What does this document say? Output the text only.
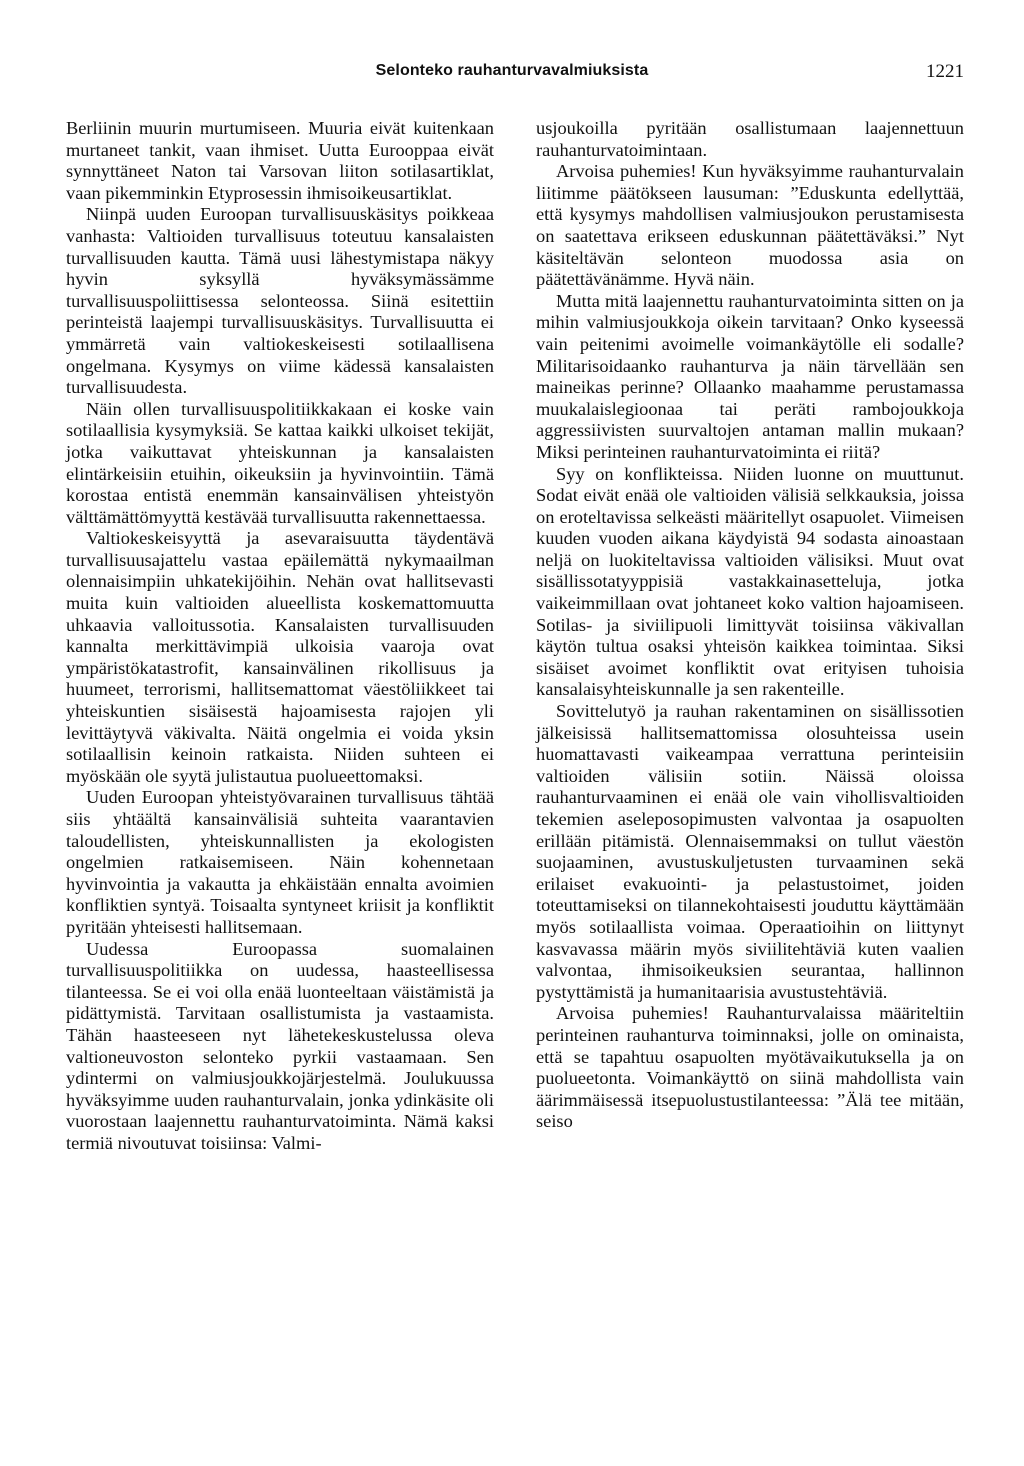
Selonteko rauhanturvavalmiuksista	1221

Berliinin muurin murtumiseen. Muuria eivät kuitenkaan murtaneet tankit, vaan ihmiset. Uutta Eurooppaa eivät synnyttäneet Naton tai Varsovan liiton sotilasartiklat, vaan pikemminkin Etyprosessin ihmisoikeusartiklat.

Niinpä uuden Euroopan turvallisuuskäsitys poikkeaa vanhasta: Valtioiden turvallisuus toteutuu kansalaisten turvallisuuden kautta. Tämä uusi lähestymistapa näkyy hyvin syksyllä hyväksymässämme turvallisuuspoliittisessa selonteossa. Siinä esitettiin perinteistä laajempi turvallisuuskäsitys. Turvallisuutta ei ymmärretä vain valtiokeskeisesti sotilaallisena ongelmana. Kysymys on viime kädessä kansalaisten turvallisuudesta.

Näin ollen turvallisuuspolitiikkakaan ei koske vain sotilaallisia kysymyksiä. Se kattaa kaikki ulkoiset tekijät, jotka vaikuttavat yhteiskunnan ja kansalaisten elintärkeisiin etuihin, oikeuksiin ja hyvinvointiin. Tämä korostaa entistä enemmän kansainvälisen yhteistyön välttämättömyyttä kestävää turvallisuutta rakennettaessa.

Valtiokeskeisyyttä ja asevaraisuutta täydentävä turvallisuusajattelu vastaa epäilemättä nykymaailman olennaisimpiin uhkatekijöihin. Nehän ovat hallitsevasti muita kuin valtioiden alueellista koskemattomuutta uhkaavia valloitussotia. Kansalaisten turvallisuuden kannalta merkittävimpiä ulkoisia vaaroja ovat ympäristökatastrofit, kansainvälinen rikollisuus ja huumeet, terrorismi, hallitsemattomat väestöliikkeet tai yhteiskuntien sisäisestä hajoamisesta rajojen yli levittäytyvä väkivalta. Näitä ongelmia ei voida yksin sotilaallisin keinoin ratkaista. Niiden suhteen ei myöskään ole syytä julistautua puolueettomaksi.

Uuden Euroopan yhteistyövarainen turvallisuus tähtää siis yhtäältä kansainvälisiä suhteita vaarantavien taloudellisten, yhteiskunnallisten ja ekologisten ongelmien ratkaisemiseen. Näin kohennetaan hyvinvointia ja vakautta ja ehkäistään ennalta avoimien konfliktien syntyä. Toisaalta syntyneet kriisit ja konfliktit pyritään yhteisesti hallitsemaan.

Uudessa Euroopassa suomalainen turvallisuuspolitiikka on uudessa, haasteellisessa tilanteessa. Se ei voi olla enää luonteeltaan väistämistä ja pidättymistä. Tarvitaan osallistumista ja vastaamista. Tähän haasteeseen nyt lähetekeskustelussa oleva valtioneuvoston selonteko pyrkii vastaamaan. Sen ydintermi on valmiusjoukkojärjestelmä. Joulukuussa hyväksyimme uuden rauhanturvalain, jonka ydinkäsite oli vuorostaan laajennettu rauhanturvatoiminta. Nämä kaksi termiä nivoutuvat toisiinsa: Valmi-

usjoukoilla pyritään osallistumaan laajennettuun rauhanturvatoimintaan.

Arvoisa puhemies! Kun hyväksyimme rauhanturvalain liitimme päätökseen lausuman: ”Eduskunta edellyttää, että kysymys mahdollisen valmiusjoukon perustamisesta on saatettava erikseen eduskunnan päätettäväksi.” Nyt käsiteltävän selonteon muodossa asia on päätettävänämme. Hyvä näin.

Mutta mitä laajennettu rauhanturvatoiminta sitten on ja mihin valmiusjoukkoja oikein tarvitaan? Onko kyseessä vain peitenimi avoimelle voimankäytölle eli sodalle? Militarisoidaanko rauhanturva ja näin tärvellään sen maineikas perinne? Ollaanko maahamme perustamassa muukalaislegioonaa tai peräti rambojoukkoja aggressiivisten suurvaltojen antaman mallin mukaan? Miksi perinteinen rauhanturvatoiminta ei riitä?

Syy on konflikteissa. Niiden luonne on muuttunut. Sodat eivät enää ole valtioiden välisiä selkkauksia, joissa on eroteltavissa selkeästi määritellyt osapuolet. Viimeisen kuuden vuoden aikana käydyistä 94 sodasta ainoastaan neljä on luokiteltavissa valtioiden välisiksi. Muut ovat sisällissotatyyppisiä vastakkainasetteluja, jotka vaikeimmillaan ovat johtaneet koko valtion hajoamiseen. Sotilas- ja siviilipuoli limittyvät toisiinsa väkivallan käytön tultua osaksi yhteisön kaikkea toimintaa. Siksi sisäiset avoimet konfliktit ovat erityisen tuhoisia kansalaisyhteiskunnalle ja sen rakenteille.

Sovittelutyö ja rauhan rakentaminen on sisällissotien jälkeisissä hallitsemattomissa olosuhteissa usein huomattavasti vaikeampaa verrattuna perinteisiin valtioiden välisiin sotiin. Näissä oloissa rauhanturvaaminen ei enää ole vain vihollisvaltioiden tekemien aseleposopimusten valvontaa ja osapuolten erillään pitämistä. Olennaisemmaksi on tullut väestön suojaaminen, avustuskuljetusten turvaaminen sekä erilaiset evakuointi- ja pelastustoimet, joiden toteuttamiseksi on tilannekohtaisesti jouduttu käyttämään myös sotilaallista voimaa. Operaatioihin on liittynyt kasvavassa määrin myös siviilitehtäviä kuten vaalien valvontaa, ihmisoikeuksien seurantaa, hallinnon pystyttämistä ja humanitaarisia avustustehtäviä.

Arvoisa puhemies! Rauhanturvalaissa määriteltiin perinteinen rauhanturva toiminnaksi, jolle on ominaista, että se tapahtuu osapuolten myötävaikutuksella ja on puolueetonta. Voimankäyttö on siinä mahdollista vain äärimmäisessä itsepuolustustilanteessa: ”Älä tee mitään, seiso
